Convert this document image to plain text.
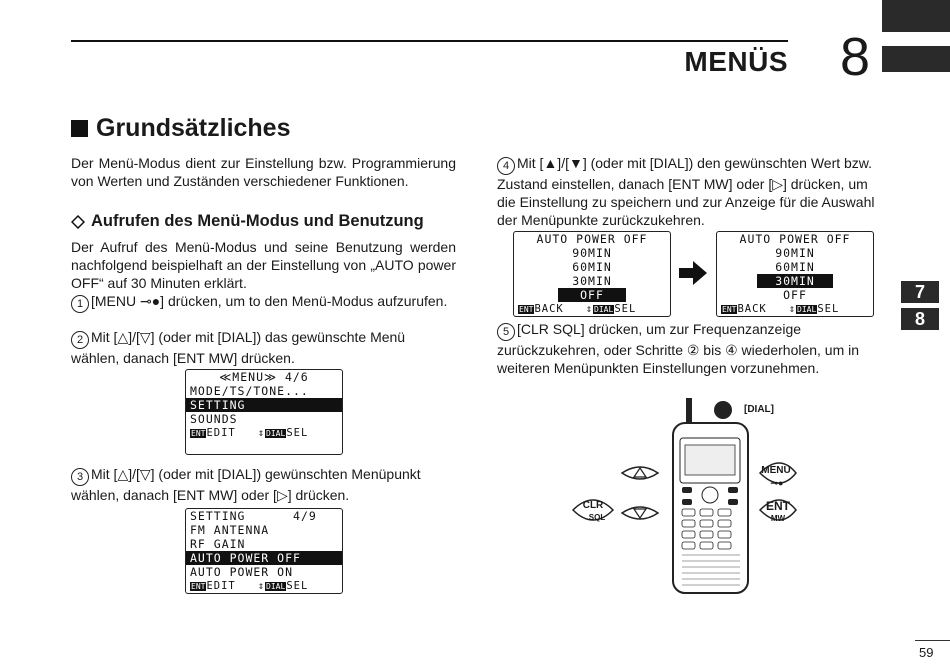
MENÜS 8
7
8
Grundsätzliches
Der Menü-Modus dient zur Einstellung bzw. Programmierung von Werten und Zuständen verschiedener Funktionen.
Aufrufen des Menü-Modus und Benutzung
Der Aufruf des Menü-Modus und seine Benutzung werden nachfolgend beispielhaft an der Einstellung von „AUTO power OFF“ auf 30 Minuten erklärt.
1 [MENU ⊸●] drücken, um to den Menü-Modus aufzurufen.
2 Mit [△]/[▽] (oder mit [DIAL]) das gewünschte Menü wählen, danach [ENT MW] drücken.
≪MENU≫ 4/6
MODE/TS/TONE...
SETTING
SOUNDS
ENTEDIT   ⇕DIALSEL
3 Mit [△]/[▽] (oder mit [DIAL]) gewünschten Menüpunkt wählen, danach [ENT MW] oder [▷] drücken.
SETTING	4/9
FM ANTENNA
RF GAIN
AUTO POWER OFF
AUTO POWER ON
ENTEDIT   ⇕DIALSEL
4 Mit [▲]/[▼] (oder mit [DIAL]) den gewünschten Wert bzw. Zustand einstellen, danach [ENT MW] oder [▷] drücken, um die Einstellung zu speichern und zur Anzeige für die Auswahl der Menüpunkte zurückzukehren.
AUTO POWER OFF
90MIN
60MIN
30MIN
OFF
ENTBACK   ⇕DIALSEL
AUTO POWER OFF
90MIN
60MIN
30MIN
OFF
ENTBACK   ⇕DIALSEL
5 [CLR SQL] drücken, um zur Frequenzanzeige zurückzukehren, oder Schritte ② bis ④ wiederholen, um in weiteren Menüpunkten Einstellungen vorzunehmen.
[DIAL]
MENU
⊸●
CLR
SQL
ENT
MW
59
